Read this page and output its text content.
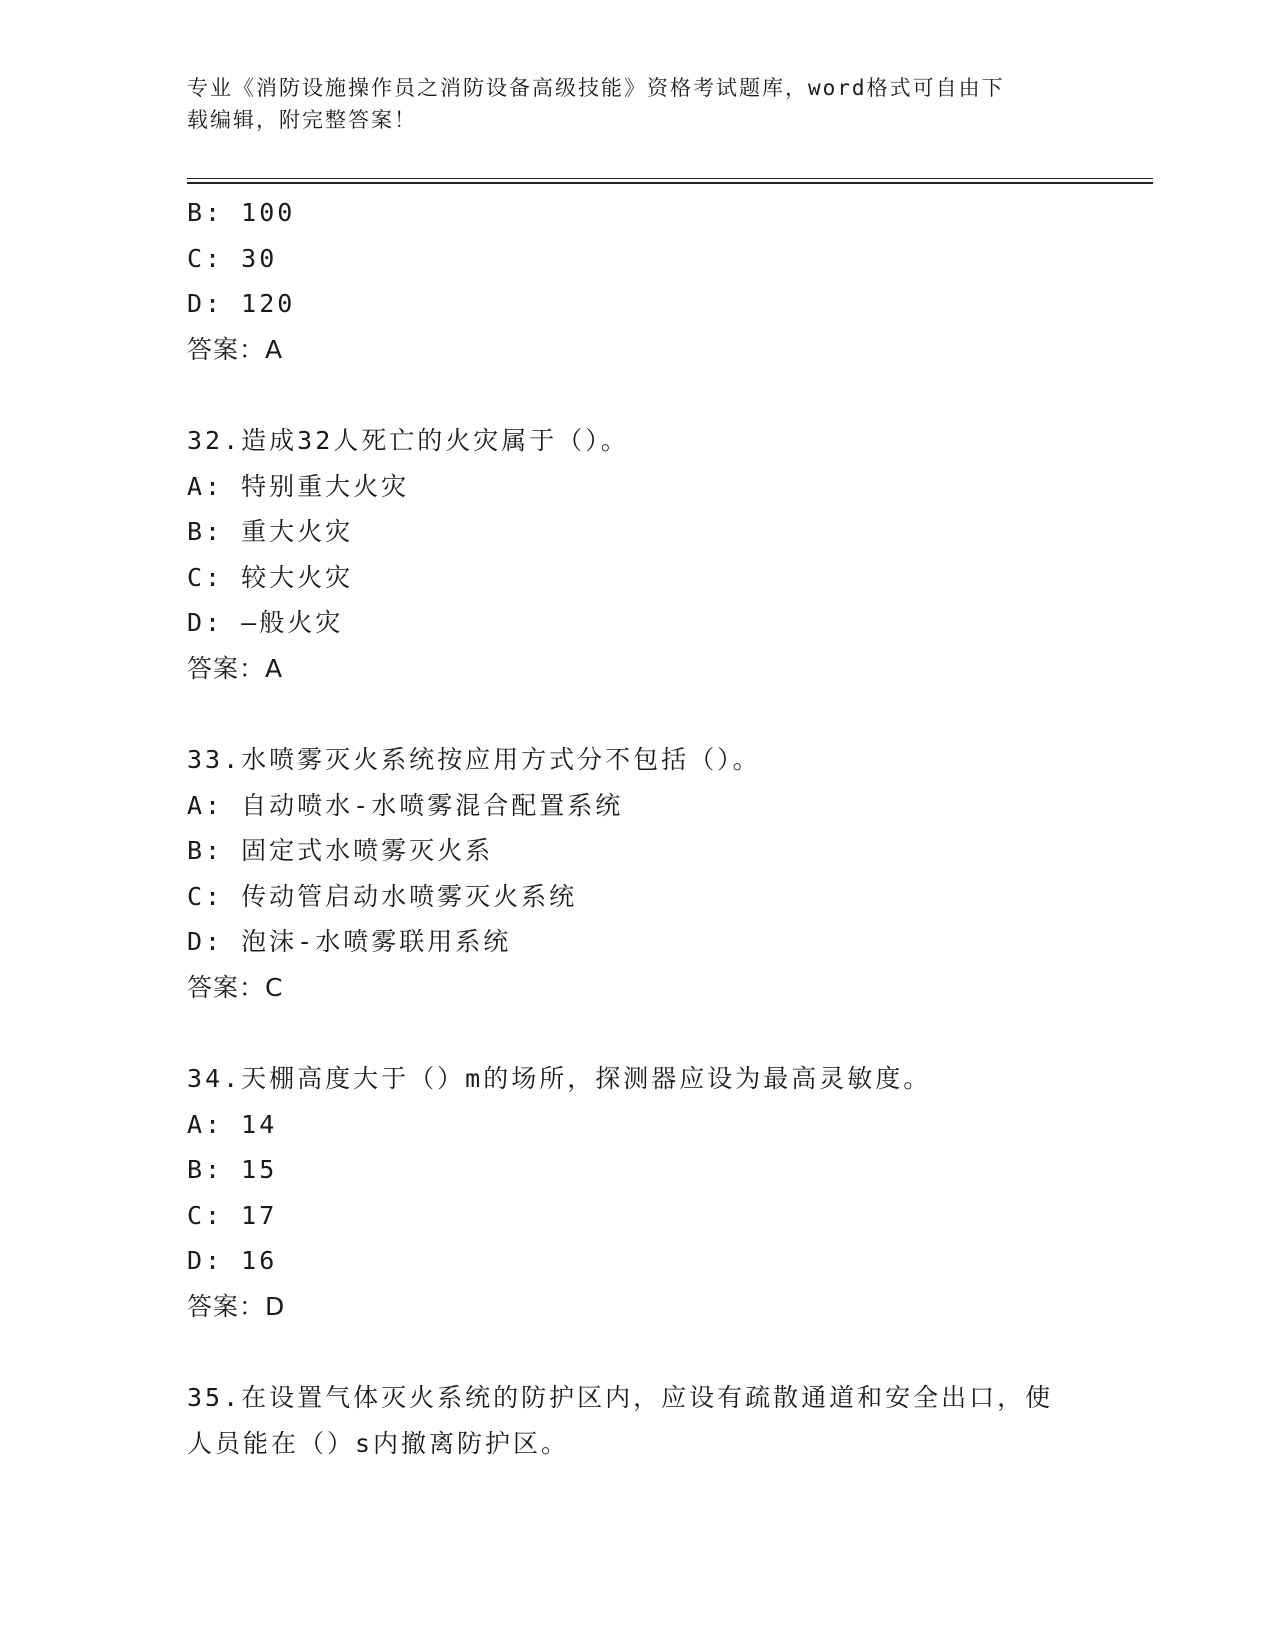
专业《消防设施操作员之消防设备高级技能》资格考试题库，word格式可自由下
载编辑，附完整答案！
B: 100
C: 30
D: 120
答案：A
32.造成32人死亡的火灾属于（）。
A: 特别重大火灾
B: 重大火灾
C: 较大火灾
D: —般火灾
答案：A
33.水喷雾灭火系统按应用方式分不包括（）。
A: 自动喷水-水喷雾混合配置系统
B: 固定式水喷雾灭火系
C: 传动管启动水喷雾灭火系统
D: 泡沫-水喷雾联用系统
答案：C
34.天棚高度大于（）m的场所，探测器应设为最高灵敏度。
A: 14
B: 15
C: 17
D: 16
答案：D
35.在设置气体灭火系统的防护区内，应设有疏散通道和安全出口，使
人员能在（）s内撤离防护区。
